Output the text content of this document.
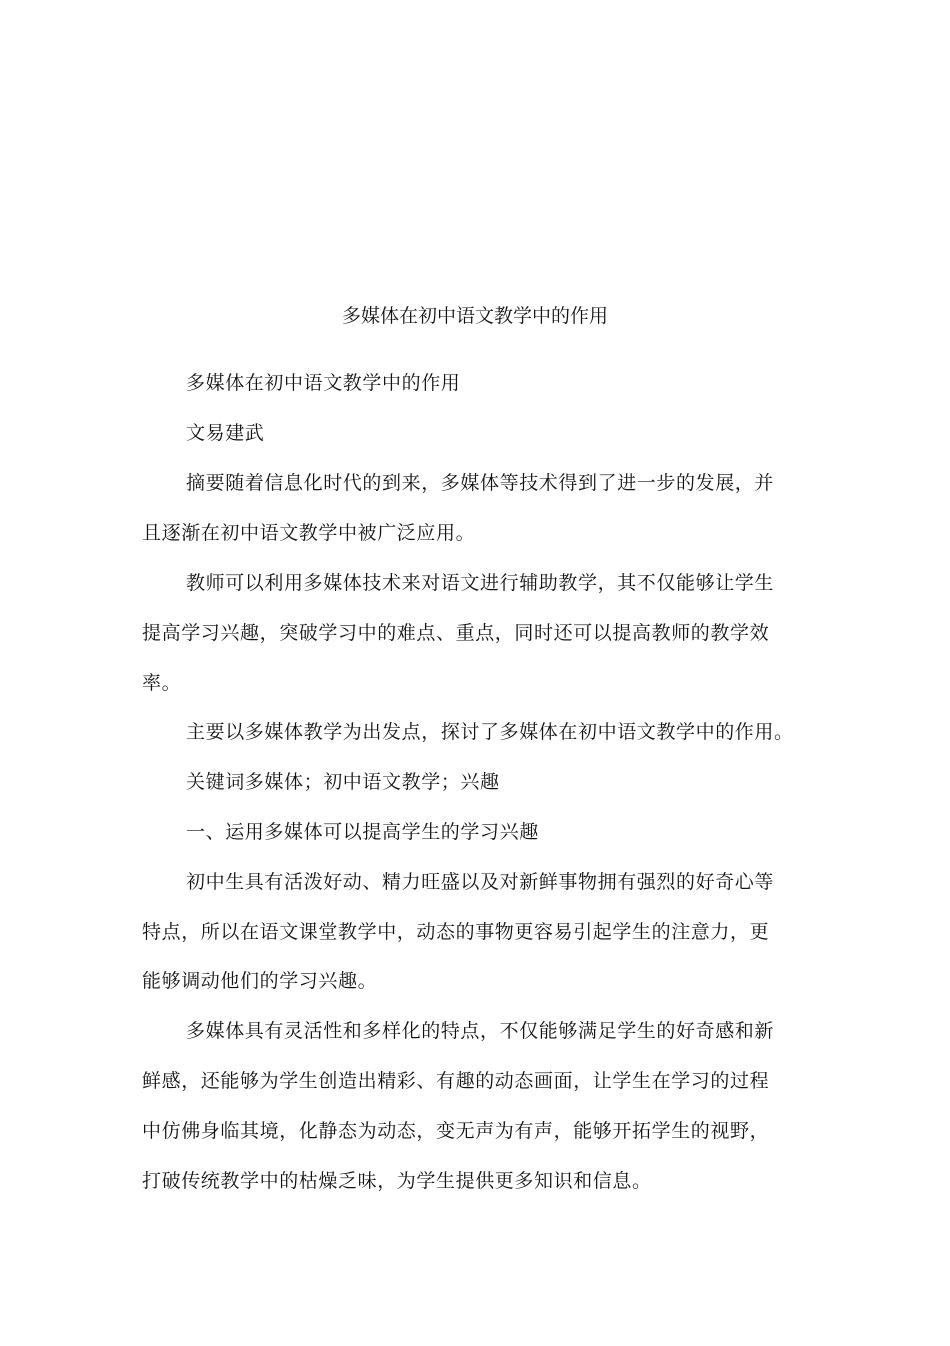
多媒体在初中语文教学中的作用
多媒体在初中语文教学中的作用
文易建武
摘要随着信息化时代的到来，多媒体等技术得到了进一步的发展，并
且逐渐在初中语文教学中被广泛应用。
教师可以利用多媒体技术来对语文进行辅助教学，其不仅能够让学生
提高学习兴趣，突破学习中的难点、重点，同时还可以提高教师的教学效
率。
主要以多媒体教学为出发点，探讨了多媒体在初中语文教学中的作用。
关键词多媒体；初中语文教学；兴趣
一、运用多媒体可以提高学生的学习兴趣
初中生具有活泼好动、精力旺盛以及对新鲜事物拥有强烈的好奇心等
特点，所以在语文课堂教学中，动态的事物更容易引起学生的注意力，更
能够调动他们的学习兴趣。
多媒体具有灵活性和多样化的特点，不仅能够满足学生的好奇感和新
鲜感，还能够为学生创造出精彩、有趣的动态画面，让学生在学习的过程
中仿佛身临其境，化静态为动态，变无声为有声，能够开拓学生的视野，
打破传统教学中的枯燥乏味，为学生提供更多知识和信息。
